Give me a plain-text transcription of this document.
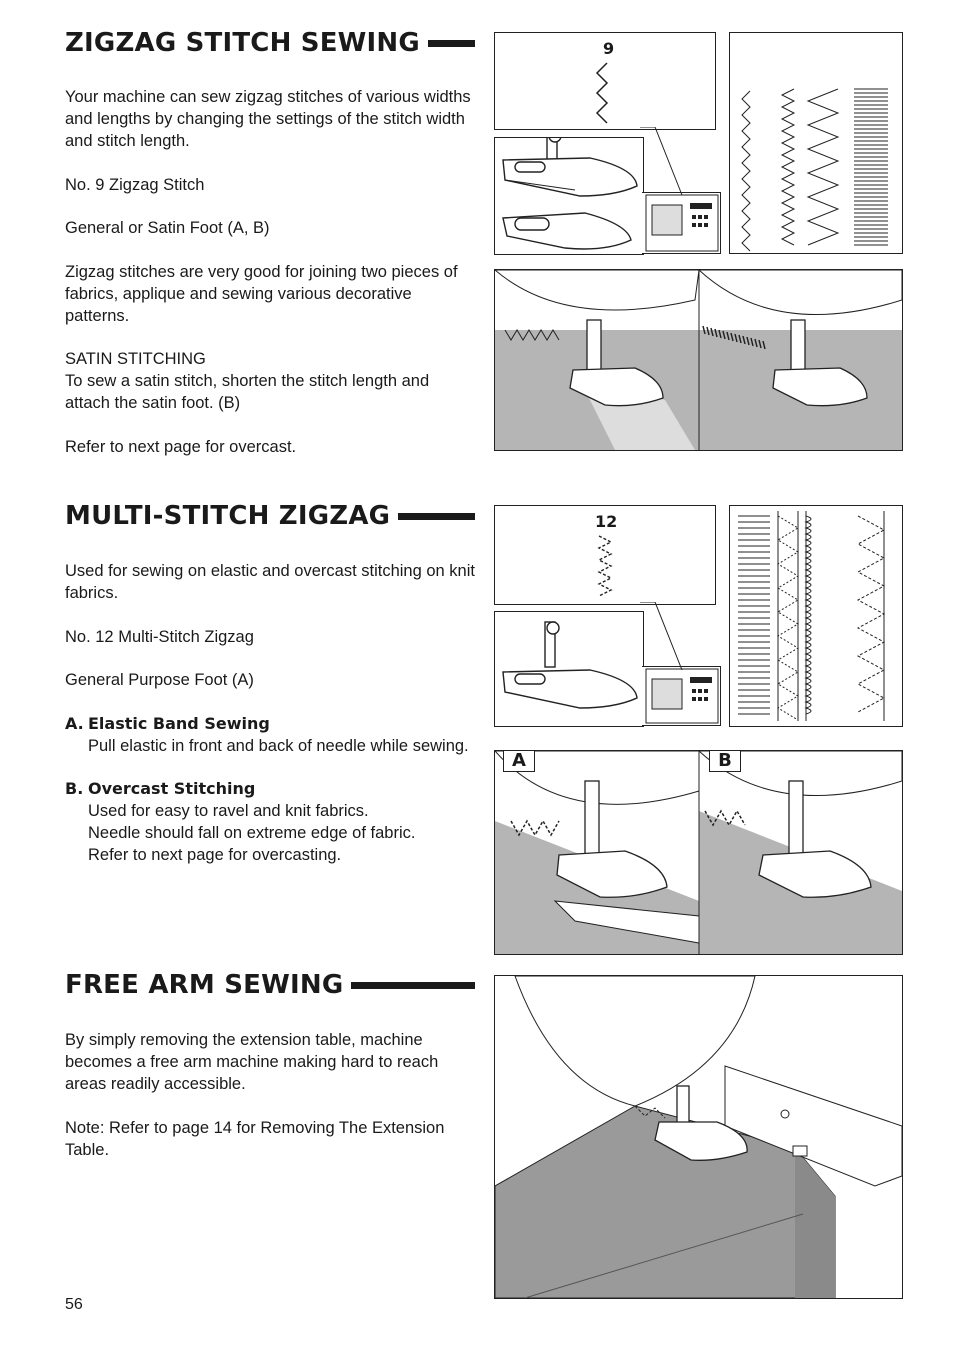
ZIGZAG STITCH SEWING

Your machine can sew zigzag stitches of various widths and lengths by changing the settings of the stitch width and stitch length.

No. 9 Zigzag Stitch

General or Satin Foot (A, B)

Zigzag stitches are very good for joining two pieces of fabrics, applique and sewing various decorative patterns.

SATIN STITCHING

To sew a satin stitch, shorten the stitch length and attach the satin foot. (B)

Refer to next page for overcast.

MULTI-STITCH ZIGZAG

Used for sewing on elastic and overcast stitching on knit fabrics.

No. 12 Multi-Stitch Zigzag

General Purpose Foot (A)

A. Elastic Band Sewing

Pull elastic in front and back of needle while sewing.

B. Overcast Stitching

Used for easy to ravel and knit fabrics.

Needle should fall on extreme edge of fabric.

Refer to next page for overcasting.

FREE ARM SEWING

By simply removing the extension table, machine becomes a free arm machine making hard to reach areas readily accessible.

Note: Refer to page 14 for Removing The Extension Table.

56
9
12
A	B
